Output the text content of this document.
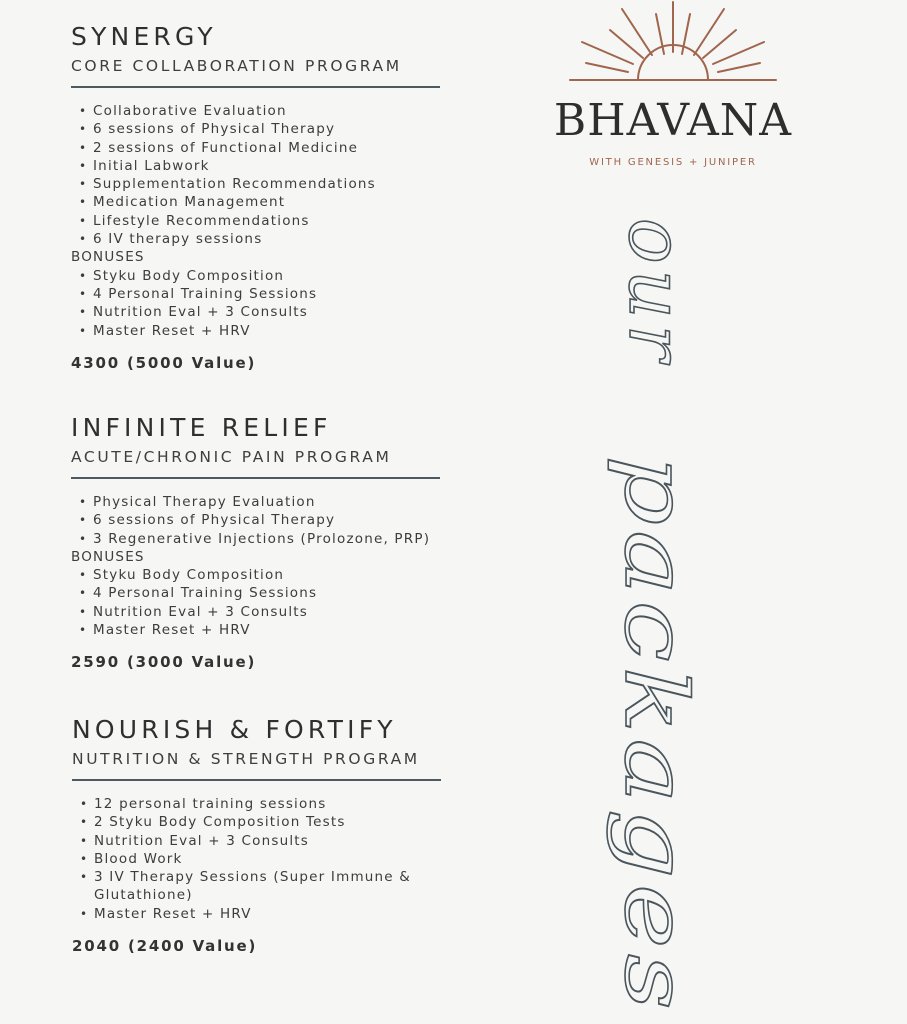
SYNERGY
CORE COLLABORATION PROGRAM
• Collaborative Evaluation
• 6 sessions of Physical Therapy
• 2 sessions of Functional Medicine
• Initial Labwork
• Supplementation Recommendations
• Medication Management
• Lifestyle Recommendations
• 6 IV therapy sessions
BONUSES
• Styku Body Composition
• 4 Personal Training Sessions
• Nutrition Eval + 3 Consults
• Master Reset + HRV
4300 (5000 Value)
INFINITE RELIEF
ACUTE/CHRONIC PAIN PROGRAM
• Physical Therapy Evaluation
• 6 sessions of Physical Therapy
• 3 Regenerative Injections (Prolozone, PRP)
BONUSES
• Styku Body Composition
• 4 Personal Training Sessions
• Nutrition Eval + 3 Consults
• Master Reset + HRV
2590 (3000 Value)
NOURISH & FORTIFY
NUTRITION & STRENGTH PROGRAM
• 12 personal training sessions
• 2 Styku Body Composition Tests
• Nutrition Eval + 3 Consults
• Blood Work
• 3 IV Therapy Sessions (Super Immune & Glutathione)
• Master Reset + HRV
2040 (2400 Value)
BHAVANA
WITH GENESIS + JUNIPER
our
packages
